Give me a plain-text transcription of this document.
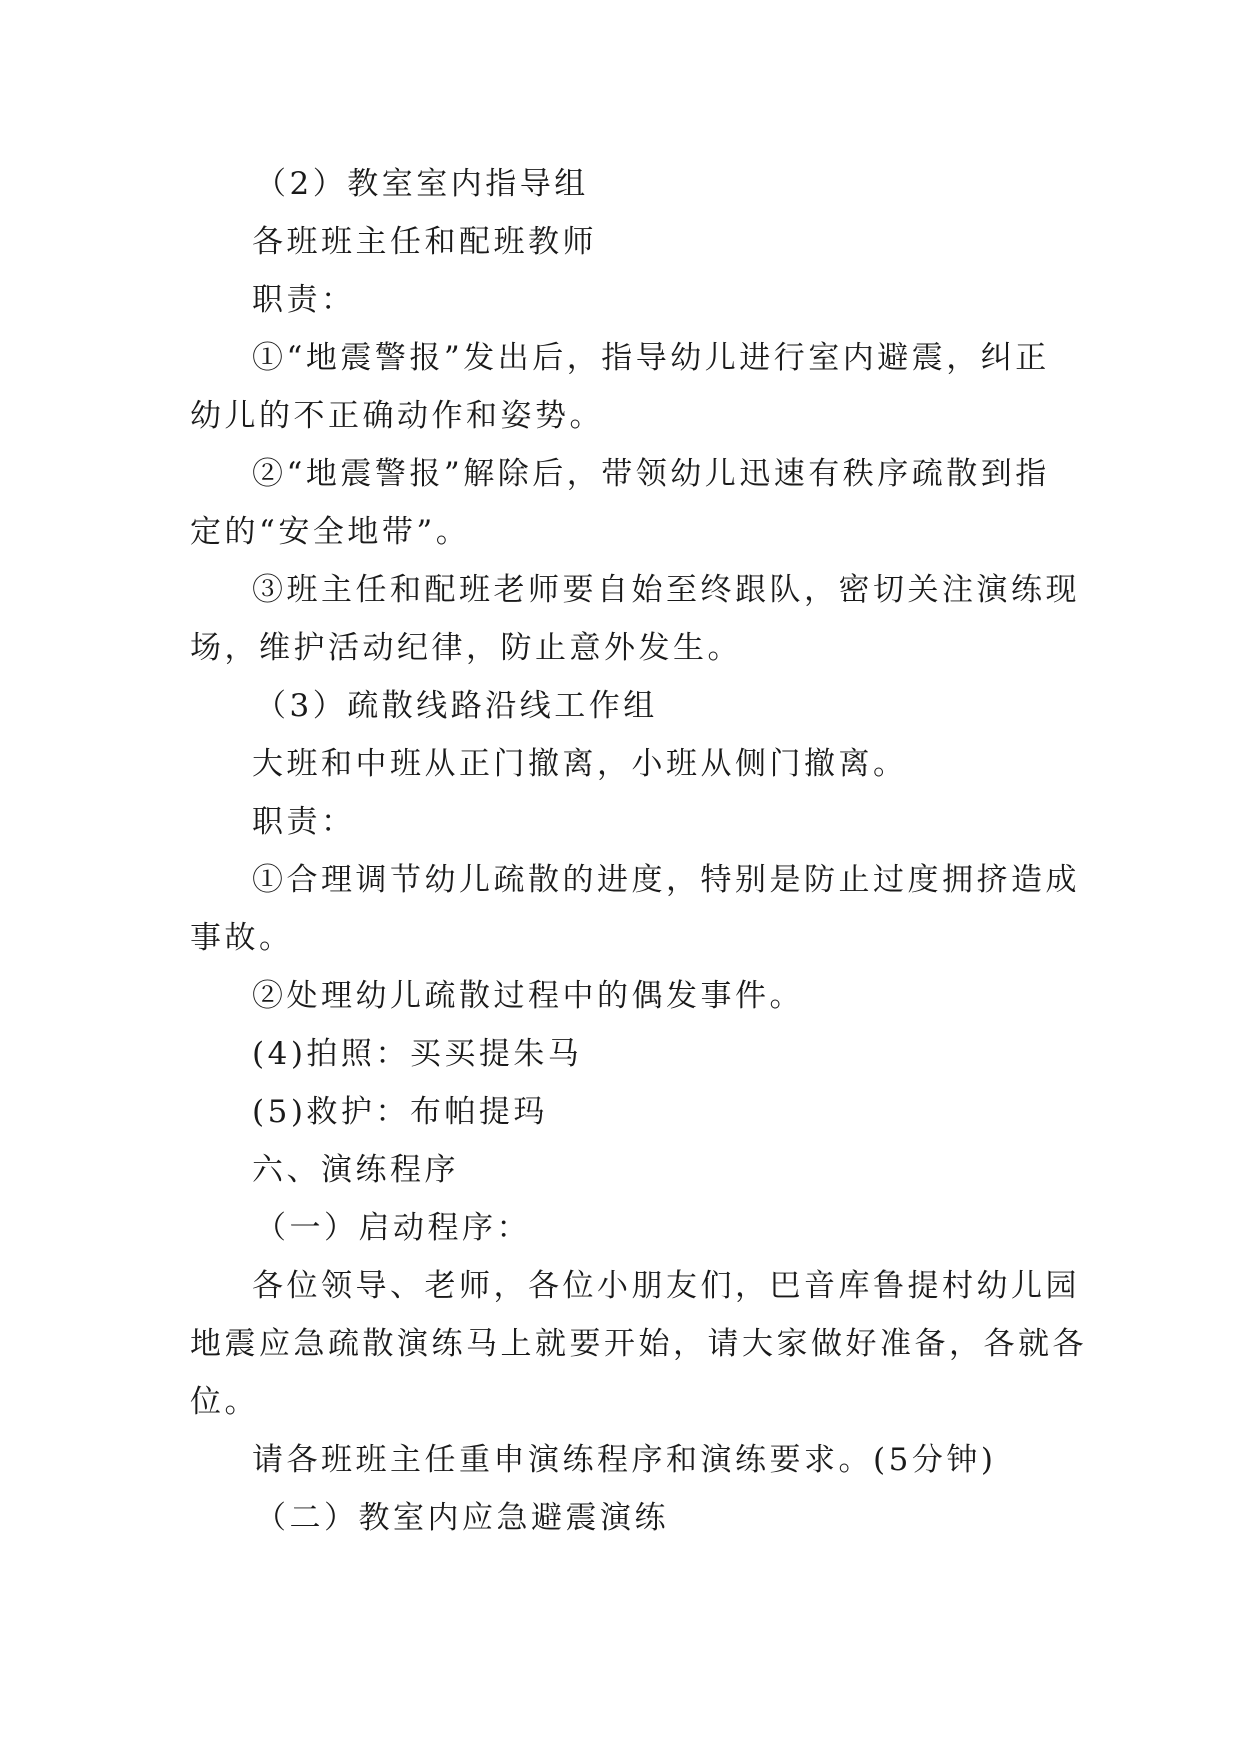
（2）教室室内指导组
各班班主任和配班教师
职责：
①“地震警报”发出后，指导幼儿进行室内避震，纠正
幼儿的不正确动作和姿势。
②“地震警报”解除后，带领幼儿迅速有秩序疏散到指
定的“安全地带”。
③班主任和配班老师要自始至终跟队，密切关注演练现
场，维护活动纪律，防止意外发生。
（3）疏散线路沿线工作组
大班和中班从正门撤离，小班从侧门撤离。
职责：
①合理调节幼儿疏散的进度，特别是防止过度拥挤造成
事故。
②处理幼儿疏散过程中的偶发事件。
(4)拍照：买买提朱马
(5)救护：布帕提玛
六、演练程序
（一）启动程序：
各位领导、老师，各位小朋友们，巴音库鲁提村幼儿园
地震应急疏散演练马上就要开始，请大家做好准备，各就各
位。
请各班班主任重申演练程序和演练要求。(5分钟)
（二）教室内应急避震演练
